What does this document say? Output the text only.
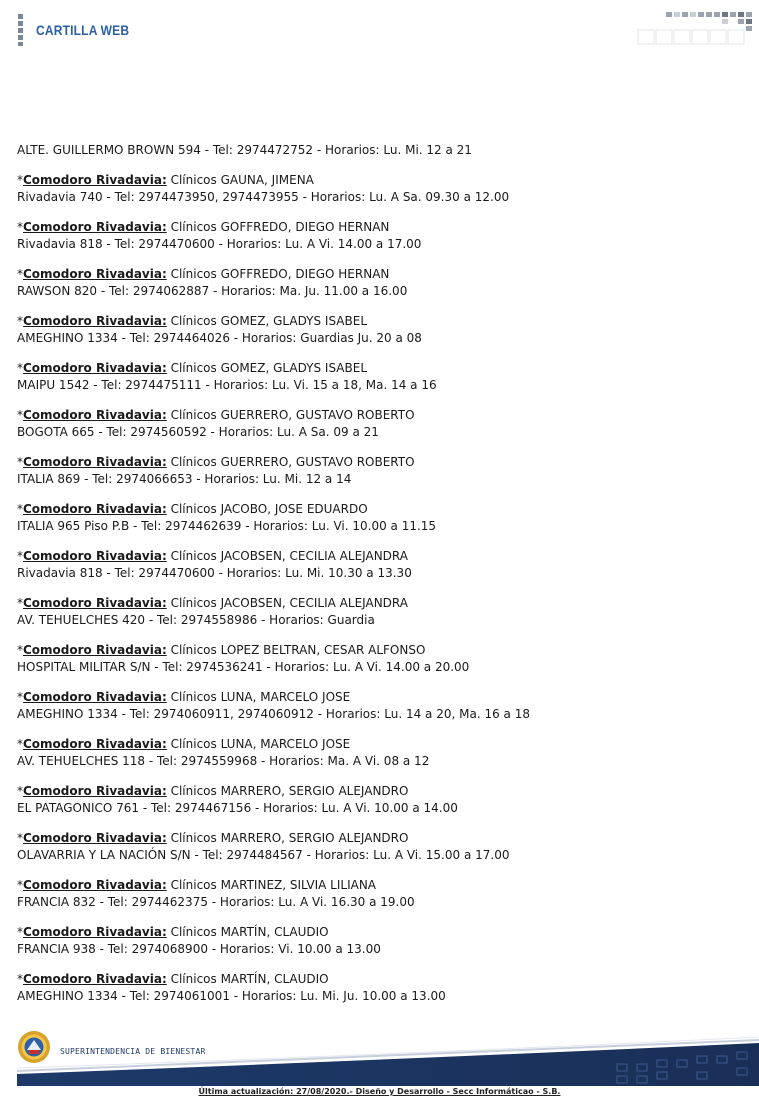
CARTILLA WEB
ALTE. GUILLERMO BROWN 594 - Tel: 2974472752 - Horarios: Lu. Mi. 12 a 21
*Comodoro Rivadavia: Clínicos GAUNA, JIMENA
Rivadavia 740 - Tel: 2974473950, 2974473955 - Horarios: Lu. A Sa. 09.30 a 12.00
*Comodoro Rivadavia: Clínicos GOFFREDO, DIEGO HERNAN
Rivadavia 818 - Tel: 2974470600 - Horarios: Lu. A Vi. 14.00 a 17.00
*Comodoro Rivadavia: Clínicos GOFFREDO, DIEGO HERNAN
RAWSON 820 - Tel: 2974062887 - Horarios: Ma. Ju. 11.00 a 16.00
*Comodoro Rivadavia: Clínicos GOMEZ, GLADYS ISABEL
AMEGHINO 1334 - Tel: 2974464026 - Horarios: Guardias Ju. 20 a 08
*Comodoro Rivadavia: Clínicos GOMEZ, GLADYS ISABEL
MAIPU 1542 - Tel: 2974475111 - Horarios: Lu. Vi. 15 a 18, Ma. 14 a 16
*Comodoro Rivadavia: Clínicos GUERRERO, GUSTAVO ROBERTO
BOGOTA 665 - Tel: 2974560592 - Horarios: Lu. A Sa. 09 a 21
*Comodoro Rivadavia: Clínicos GUERRERO, GUSTAVO ROBERTO
ITALIA 869 - Tel: 2974066653 - Horarios: Lu. Mi. 12 a 14
*Comodoro Rivadavia: Clínicos JACOBO, JOSE EDUARDO
ITALIA 965 Piso P.B - Tel: 2974462639 - Horarios: Lu. Vi. 10.00 a 11.15
*Comodoro Rivadavia: Clínicos JACOBSEN, CECILIA ALEJANDRA
Rivadavia 818 - Tel: 2974470600 - Horarios: Lu. Mi. 10.30 a 13.30
*Comodoro Rivadavia: Clínicos JACOBSEN, CECILIA ALEJANDRA
AV. TEHUELCHES 420 - Tel: 2974558986 - Horarios: Guardia
*Comodoro Rivadavia: Clínicos LOPEZ BELTRAN, CESAR ALFONSO
HOSPITAL MILITAR S/N - Tel: 2974536241 - Horarios: Lu. A Vi. 14.00 a 20.00
*Comodoro Rivadavia: Clínicos LUNA, MARCELO JOSE
AMEGHINO 1334 - Tel: 2974060911, 2974060912 - Horarios: Lu. 14 a 20, Ma. 16 a 18
*Comodoro Rivadavia: Clínicos LUNA, MARCELO JOSE
AV. TEHUELCHES 118 - Tel: 2974559968 - Horarios: Ma. A Vi. 08 a 12
*Comodoro Rivadavia: Clínicos MARRERO, SERGIO ALEJANDRO
EL PATAGONICO 761 - Tel: 2974467156 - Horarios: Lu. A Vi. 10.00 a 14.00
*Comodoro Rivadavia: Clínicos MARRERO, SERGIO ALEJANDRO
OLAVARRIA Y LA NACIÓN S/N - Tel: 2974484567 - Horarios: Lu. A Vi. 15.00 a 17.00
*Comodoro Rivadavia: Clínicos MARTINEZ, SILVIA LILIANA
FRANCIA 832 - Tel: 2974462375 - Horarios: Lu. A Vi. 16.30 a 19.00
*Comodoro Rivadavia: Clínicos MARTÍN, CLAUDIO
FRANCIA 938 - Tel: 2974068900 - Horarios: Vi. 10.00 a 13.00
*Comodoro Rivadavia: Clínicos MARTÍN, CLAUDIO
AMEGHINO 1334 - Tel: 2974061001 - Horarios: Lu. Mi. Ju. 10.00 a 13.00
SUPERINTENDENCIA DE BIENESTAR
Última actualización: 27/08/2020.- Diseño y Desarrollo - Secc Informáticao - S.B.
